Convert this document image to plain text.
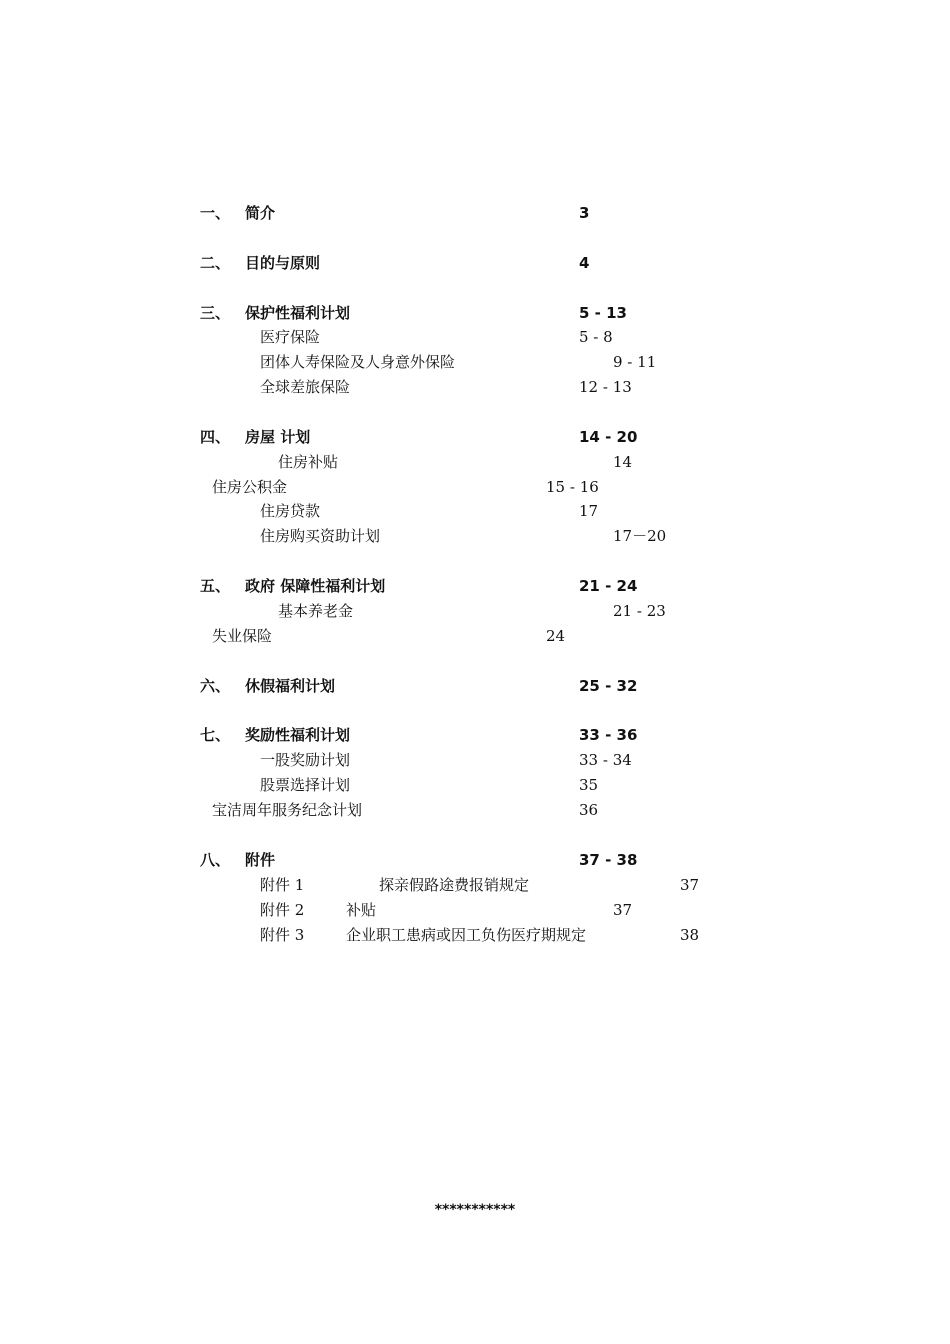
一、 简介	3
二、 目的与原则	4
三、 保护性福利计划	5 - 13
医疗保险	5 - 8
团体人寿保险及人身意外保险	9 - 11
全球差旅保险	12 - 13
四、 房屋 计划	14 - 20
住房补贴	14
住房公积金	15 - 16
住房贷款	17
住房购买资助计划	17－20
五、 政府 保障性福利计划	21 - 24
基本养老金	21 - 23
失业保险	24
六、 休假福利计划	25 - 32
七、 奖励性福利计划	33 - 36
一股奖励计划	33 - 34
股票选择计划	35
宝洁周年服务纪念计划	36
八、 附件	37 - 38
附件 1	探亲假路途费报销规定	37
附件 2	补贴	37
附件 3	企业职工患病或因工负伤医疗期规定	38
***********
